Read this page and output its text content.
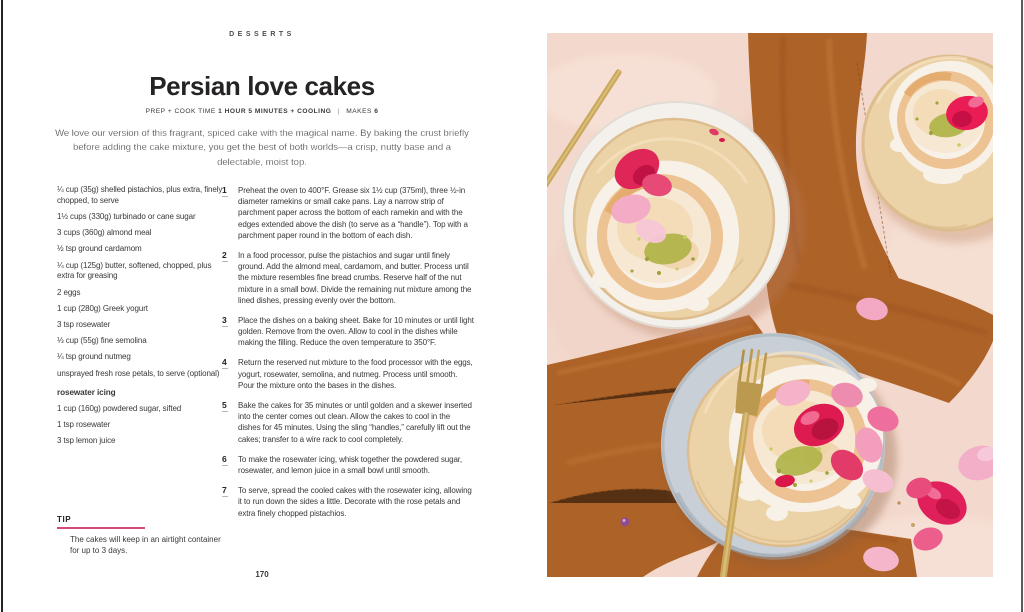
DESSERTS
Persian love cakes
PREP + COOK TIME 1 HOUR 5 MINUTES + COOLING | MAKES 6

We love our version of this fragrant, spiced cake with the magical name. By baking the crust briefly before adding the cake mixture, you get the best of both worlds—a crisp, nutty base and a delectable, moist top.

¼ cup (35g) shelled pistachios, plus extra, finely chopped, to serve
1½ cups (330g) turbinado or cane sugar
3 cups (360g) almond meal
½ tsp ground cardamom
¼ cup (125g) butter, softened, chopped, plus extra for greasing
2 eggs
1 cup (280g) Greek yogurt
3 tsp rosewater
⅓ cup (55g) fine semolina
¼ tsp ground nutmeg
unsprayed fresh rose petals, to serve (optional)
rosewater icing
1 cup (160g) powdered sugar, sifted
1 tsp rosewater
3 tsp lemon juice
1	Preheat the oven to 400°F. Grease six 1½ cup (375ml), three ½-in diameter ramekins or small cake pans. Lay a narrow strip of parchment paper across the bottom of each ramekin and with the edges extended above the dish (to serve as a “handle”). Top with a parchment paper round in the bottom of each dish.
2	In a food processor, pulse the pistachios and sugar until finely ground. Add the almond meal, cardamom, and butter. Process until the mixture resembles fine bread crumbs. Reserve half of the nut mixture in a small bowl. Divide the remaining nut mixture among the lined dishes, pressing evenly over the bottom.
3	Place the dishes on a baking sheet. Bake for 10 minutes or until light golden. Remove from the oven. Allow to cool in the dishes while making the filling. Reduce the oven temperature to 350°F.
4	Return the reserved nut mixture to the food processor with the eggs, yogurt, rosewater, semolina, and nutmeg. Process until smooth. Pour the mixture onto the bases in the dishes.
5	Bake the cakes for 35 minutes or until golden and a skewer inserted into the center comes out clean. Allow the cakes to cool in the dishes for 45 minutes. Using the sling “handles,” carefully lift out the cakes; transfer to a wire rack to cool completely.
6	To make the rosewater icing, whisk together the powdered sugar, rosewater, and lemon juice in a small bowl until smooth.
7	To serve, spread the cooled cakes with the rosewater icing, allowing it to run down the sides a little. Decorate with the rose petals and extra finely chopped pistachios.
TIP
The cakes will keep in an airtight container for up to 3 days.
170
